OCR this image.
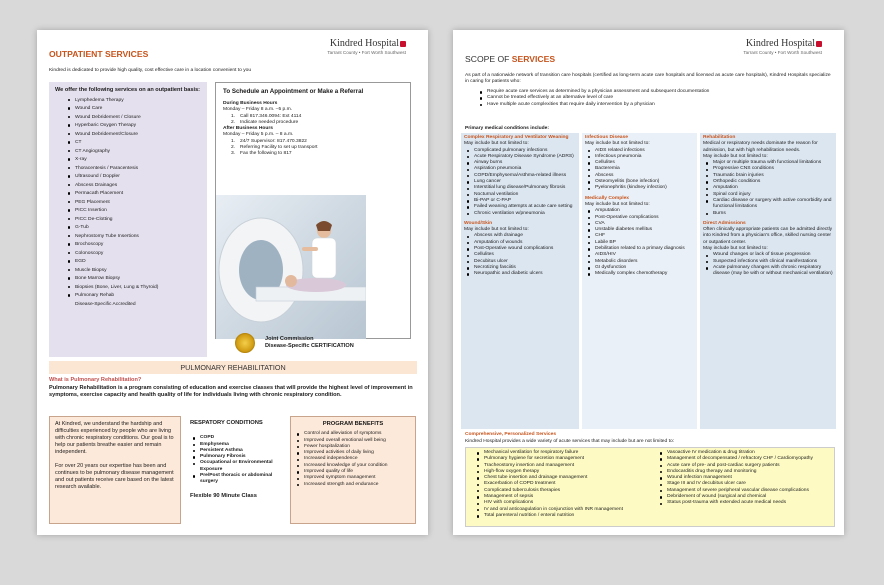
Kindred Hospital
Tarrant County • Fort Worth Southwest
OUTPATIENT SERVICES
Kindred is dedicated to provide high quality, cost effective care in a location convenient to you
We offer the following services on an outpatient basis:
Lymphedema Therapy
Wound Care
Wound Debridement / Closure
Hyperbaric Oxygen Therapy
Wound Debridement/Closure
CT
CT Angiography
X-ray
Thoracentesis / Paracentesis
Ultrasound / Doppler
Abscess Drainages
Permacath Placement
PEG Placement
PICC Insertion
PICC De-Clotting
G-Tub
Nephrostomy Tube Insertions
Brochoscopy
Colonoscopy
EGD
Muscle Biopsy
Bone Marrow Biopsy
Biopsies (Bone, Liver, Lung & Thyroid)
Pulmonary Rehab
Disease-Specific Accredited
To Schedule an Appointment or Make a Referral
During Business Hours
Monday – Friday 8 a.m. –5 p.m.
1. Call 817.346.0094: Ext 4114
2. Indicate needed procedure
After Business Hours
Monday – Friday 5 p.m. – 8 a.m.
1. 24/7 Supervisor: 817.470.3822
2. Referring Facility to set up transport
3. Fax the following to 817
Joint Commission
Disease-Specific CERTIFICATION
PULMONARY REHABILITATION
What is Pulmonary Rehabilitation?
Pulmonary Rehabilitation is a program consisting of education and exercise classes that will provide the highest level of improvement in symptoms, exercise capacity and health quality of life for individuals living with chronic respiratory condition.
At Kindred, we understand the hardship and difficulties experienced by people who are living with chronic respiratory conditions. Our goal is to help our patients breathe easier and remain independent.
For over 20 years our expertise has been and continues to be pulmonary disease management and out patients receive care based on the latest research available.
RESPATORY CONDITIONS
COPD
Emphysema
Persistent Asthma
Pulmonary Fibrosis
Occupational or Environmental Exposure
Pre/Post thoracic or abdominal surgery
Flexible 90 Minute Class
PROGRAM BENEFITS
Control and alleviation of symptoms
Improved overall emotional well being
Fewer hospitalization
Improved activities of daily living
Increased independence
Increased knowledge of your condition
Improved quality of life
Improved symptom management
Increased strength and endurance
Kindred Hospital
Tarrant County • Fort Worth Southwest
SCOPE OF SERVICES
As part of a nationwide network of transition care hospitals (certified as long-term acute care hospitals and licensed as acute care hospitals), Kindred Hospitals specialize in caring for patients who:
Require acute care services as determined by a physician assessment and subsequent documentation
Cannot be treated effectively at an alternative level of care
Have multiple acute complexities that require daily intervention by a physician
Primary medical conditions include:
Complex Respiratory and Ventilator Weaning
May include but not limited to:
Complicated pulmonary infections
Acute Respiratory Disease Syndrome (ADRS)
Airway burns
Aspiration pneumonia
COPD/Emphysema/Asthma-related illness
Lung cancer
Interstitial lung disease/Pulmonary fibrosis
Nocturnal ventilation
Bi-PAP or C-PAP
Failed weaning attempts at acute care setting
Chronic ventilation w/pneumonia
Wound/Skin
May include but not limited to:
Abscess with drainage
Amputation of wounds
Post-Operative wound complications
Cellulites
Decubitus ulcer
Necrotizing fasciitis
Neuropathic and diabetic ulcers
Infectious Disease
May include but not limited to:
AIDS related infections
Infectious pneumonia
Cellulites
Bacteremia
Abscess
Osteomyelitis (bone infection)
Pyelonephritis (kindney infection)
Medically Complex
May include but not limited to:
Amputation
Post-Operative complications
CVA
Unstable diabetes mellitus
CHF
Labile BP
Debilitation related to a primary diagnosis
AIDS/HIV
Metabolic disorders
GI dysfunction
Medically complex chemotherapy
Rehabilitation
Medical or respiratory needs dominate the reason for admission, but with high rehabilitation needs.
May include but not limited to:
Major or multiple trauma with functional limitations
Progressive CNS conditions
Traumatic brain injuries
Orthopedic conditions
Amputation
Spinal cord injury
Cardiac disease or surgery with active comorbidity and functional limitations
Burns
Direct Admissions
Often clinically appropriate patients can be admitted directly into Kindred from a physician's office, skilled nursing center or outpatient center.
May include but not limited to:
Wound changes or lack of tissue progression
Suspected infections with clinical manifestations
Acute pulmonary changes with chronic respiratory disease (may be with or without mechanical ventilation)
Comprehensive, Personalized Services
Kindred Hospital provides a wide variety of acute services that may include but are not limited to:
Mechanical ventilation for respiratory failure
Pulmonary hygiene for secretion management
Tracheostomy insertion and management
High-flow oxygen therapy
Chest tube insertion and drainage management
Exacerbation of COPD treatment
Complicated tuberculosis therapies
Management of sepsis
HIV with complications
IV and oral anticoagulation in conjunction with INR management
Total parenteral nutrition / enteral nutrition
Vasoactive IV medication & drug titration
Management of decompensated / refractory CHF / Cardiomyopathy
Acute care of pre- and post-cardiac surgery patients
Endocarditis drug therapy and monitoring
Wound infection management
Stage III and IV decubitus ulcer care
Management of severe peripheral vascular disease complications
Debridement of wound (surgical and chemical
Status post-trauma with extended acute medical needs
